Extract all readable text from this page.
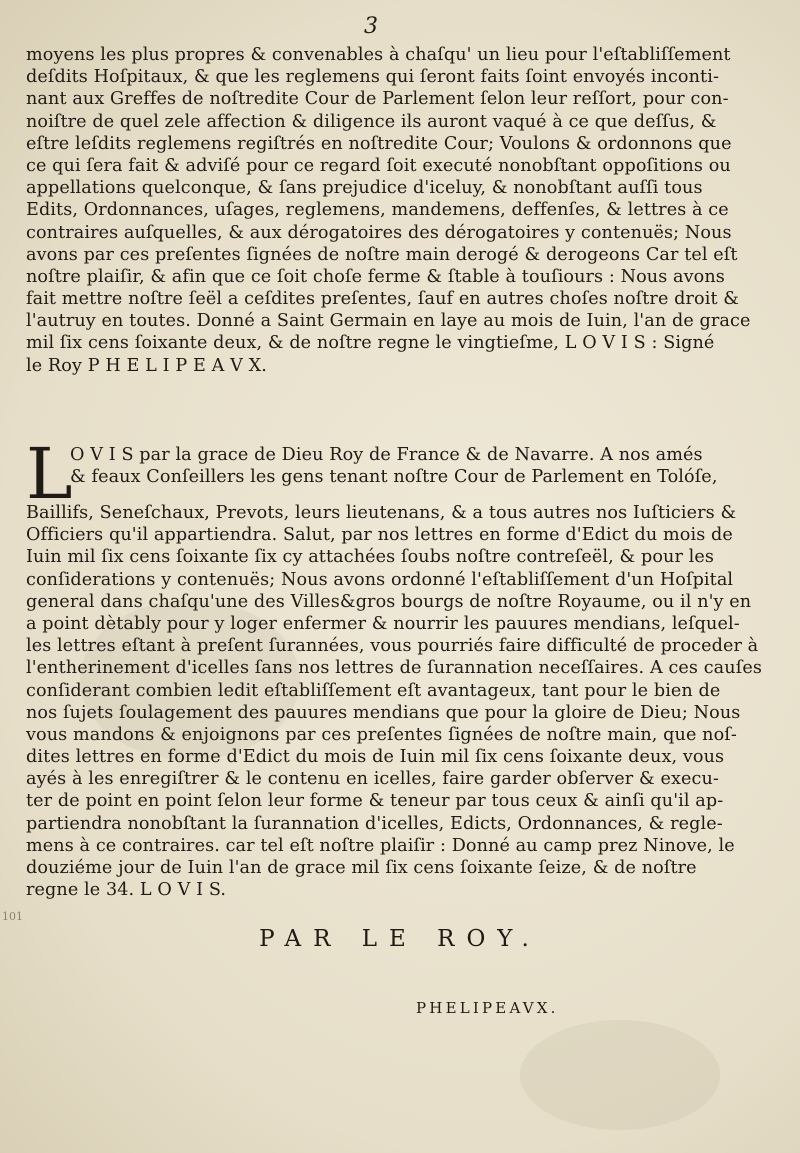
3
moyens les plus propres & convenables à chaſqu' un lieu pour l'eſtabliſſement
deſdits Hoſpitaux, & que les reglemens qui ſeront faits ſoint envoyés inconti-
nant aux Greffes de noſtredite Cour de Parlement ſelon leur reſſort, pour con-
noiſtre de quel zele affection & diligence ils auront vaqué à ce que deſſus, &
eſtre leſdits reglemens regiſtrés en noſtredite Cour; Voulons & ordonnons que
ce qui ſera fait & adviſé pour ce regard ſoit executé nonobſtant oppoſitions ou
appellations quelconque, & ſans prejudice d'iceluy, & nonobſtant auſſi tous
Edits, Ordonnances, uſages, reglemens, mandemens, deffenſes, & lettres à ce
contraires auſquelles, & aux dérogatoires des dérogatoires y contenuës; Nous
avons par ces preſentes ſignées de noſtre main derogé & derogeons Car tel eſt
noſtre plaiſir, & afin que ce ſoit choſe ferme & ſtable à touſiours : Nous avons
fait mettre noſtre ſeël a ceſdites preſentes, ſauf en autres choſes noſtre droit &
l'autruy en toutes. Donné a Saint Germain en laye au mois de Iuin, l'an de grace
mil ſix cens ſoixante deux, & de noſtre regne le vingtieſme, L O V I S : Signé
le Roy P H E L I P E A V X.
L
O V I S par la grace de Dieu Roy de France & de Navarre. A nos amés
& feaux Conſeillers les gens tenant noſtre Cour de Parlement en Tolóſe,
Baillifs, Seneſchaux, Prevots, leurs lieutenans, & a tous autres nos Iuſticiers &
Officiers qu'il appartiendra. Salut, par nos lettres en forme d'Edict du mois de
Iuin mil ſix cens ſoixante ſix cy attachées ſoubs noſtre contreſeël, & pour les
conſiderations y contenuës; Nous avons ordonné l'eſtabliſſement d'un Hoſpital
general dans chaſqu'une des Villes&gros bourgs de noſtre Royaume, ou il n'y en
a point dètably pour y loger enfermer & nourrir les pauures mendians, leſquel-
les lettres eſtant à preſent ſurannées, vous pourriés faire difficulté de proceder à
l'entherinement d'icelles ſans nos lettres de ſurannation neceſſaires. A ces cauſes
conſiderant combien ledit eſtabliſſement eſt avantageux, tant pour le bien de
nos ſujets ſoulagement des pauures mendians que pour la gloire de Dieu; Nous
vous mandons & enjoignons par ces preſentes ſignées de noſtre main, que noſ-
dites lettres en forme d'Edict du mois de Iuin mil ſix cens ſoixante deux, vous
ayés à les enregiſtrer & le contenu en icelles, faire garder obſerver & execu-
ter de point en point ſelon leur forme & teneur par tous ceux & ainſi qu'il ap-
partiendra nonobſtant la ſurannation d'icelles, Edicts, Ordonnances, & regle-
mens à ce contraires. car tel eſt noſtre plaiſir : Donné au camp prez Ninove, le
douziéme jour de Iuin l'an de grace mil ſix cens ſoixante ſeize, & de noſtre
regne le 34. L O V I S.
101
PAR LE ROY.
PHELIPEAVX.
